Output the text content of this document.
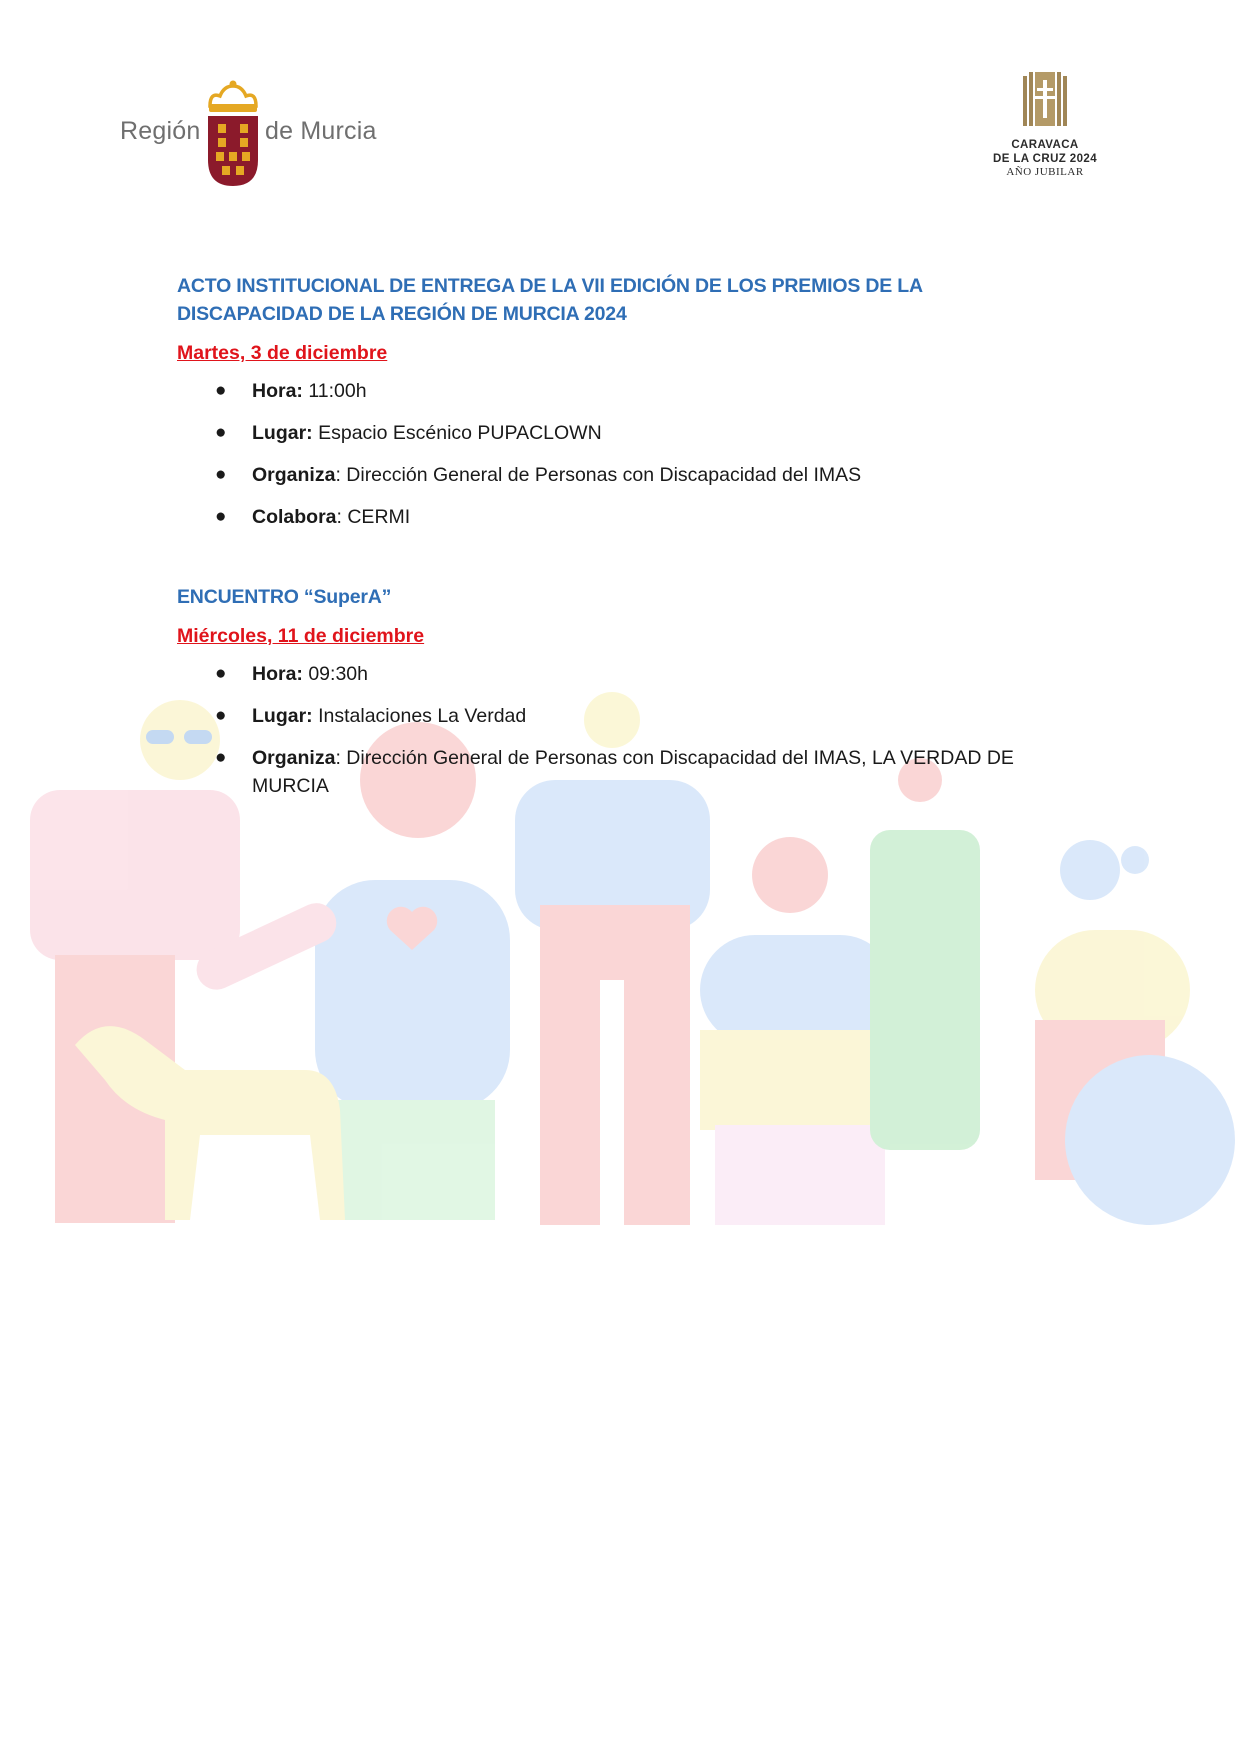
Región	de Murcia	CARAVACA
DE LA CRUZ 2024
AÑO JUBILAR
ACTO INSTITUCIONAL DE ENTREGA DE LA VII EDICIÓN DE LOS PREMIOS DE LA DISCAPACIDAD DE LA REGIÓN DE MURCIA 2024

Martes, 3 de diciembre

● Hora: 11:00h
● Lugar: Espacio Escénico PUPACLOWN
● Organiza: Dirección General de Personas con Discapacidad del IMAS
● Colabora: CERMI
ENCUENTRO “SuperA”

Miércoles, 11 de diciembre

● Hora: 09:30h
● Lugar: Instalaciones La Verdad
● Organiza: Dirección General de Personas con Discapacidad del IMAS, LA VERDAD DE MURCIA
